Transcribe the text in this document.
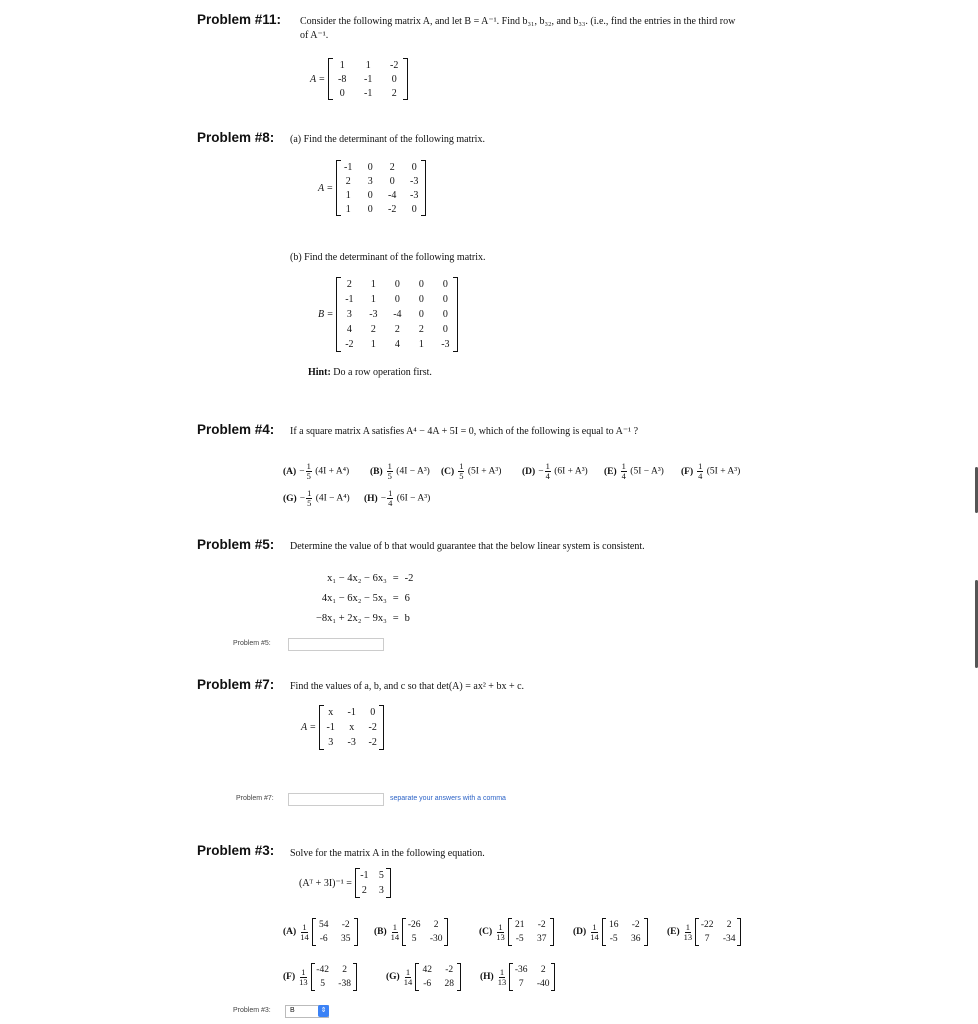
Problem #11: Consider the following matrix A, and let B = A⁻¹. Find b₃₁, b₃₂, and b₃₃. (i.e., find the entries in the third row
of A⁻¹.
A =
1	1	-2
-8	-1	0
0	-1	2
Problem #8: (a) Find the determinant of the following matrix.
A =
-1	0	2	0
2	3	0	-3
1	0	-4	-3
1	0	-2	0
(b) Find the determinant of the following matrix.
B =
2	1	0	0	0
-1	1	0	0	0
3	-3	-4	0	0
4	2	2	2	0
-2	1	4	1	-3
Hint: Do a row operation first.
Problem #4: If a square matrix A satisfies A⁴ − 4A + 5I = 0, which of the following is equal to A⁻¹ ?
$(A) - \frac{1}{5} (4I + A^4)$ $(B) \frac{1}{5} (4I - A^3)$ $(C) \frac{1}{5} (5I + A^3) (D) - \frac{1}{4} (6I + A^3)$ $(E) \frac{1}{4} (5I - A^3)$ $(F) \frac{1}{4} (5I + A^3)$
$(G) - \frac{1}{5} (4I - A^4) (H) - \frac{1}{4} (6I - A^3)$
Problem #5: Determine the value of b that would guarantee that the below linear system is consistent.
x₁ − 4x₂ − 6x₃	=	-2
4x₁ − 6x₂ − 5x₃	=	6
−8x₁ + 2x₂ − 9x₃	=	b
Problem #5:
Problem #7: Find the values of a, b, and c so that det(A) = ax² + bx + c.
A =
x	-1	0
-1	x	-2
3	-3	-2
Problem #7:	separate your answers with a comma
Problem #3: Solve for the matrix A in the following equation.
(Aᵀ + 3I)⁻¹ =
-1	5
2	3
$(A) \frac{1}{14} 54$	-2
-6	35
$(B) \frac{1}{14} -26$	2
5	-30
$(C) \frac{1}{13} 21$	-2
-5	37
$(D) \frac{1}{14} 16$	-2
-5	36
$(E) \frac{1}{13} -22$	2
7	-34
$(F) \frac{1}{13} -42$	2
5	-38
$(G) \frac{1}{14} 42$	-2
-6	28
$(H) \frac{1}{13} -36$	2
7	-40
Problem #3:	B	⇕
